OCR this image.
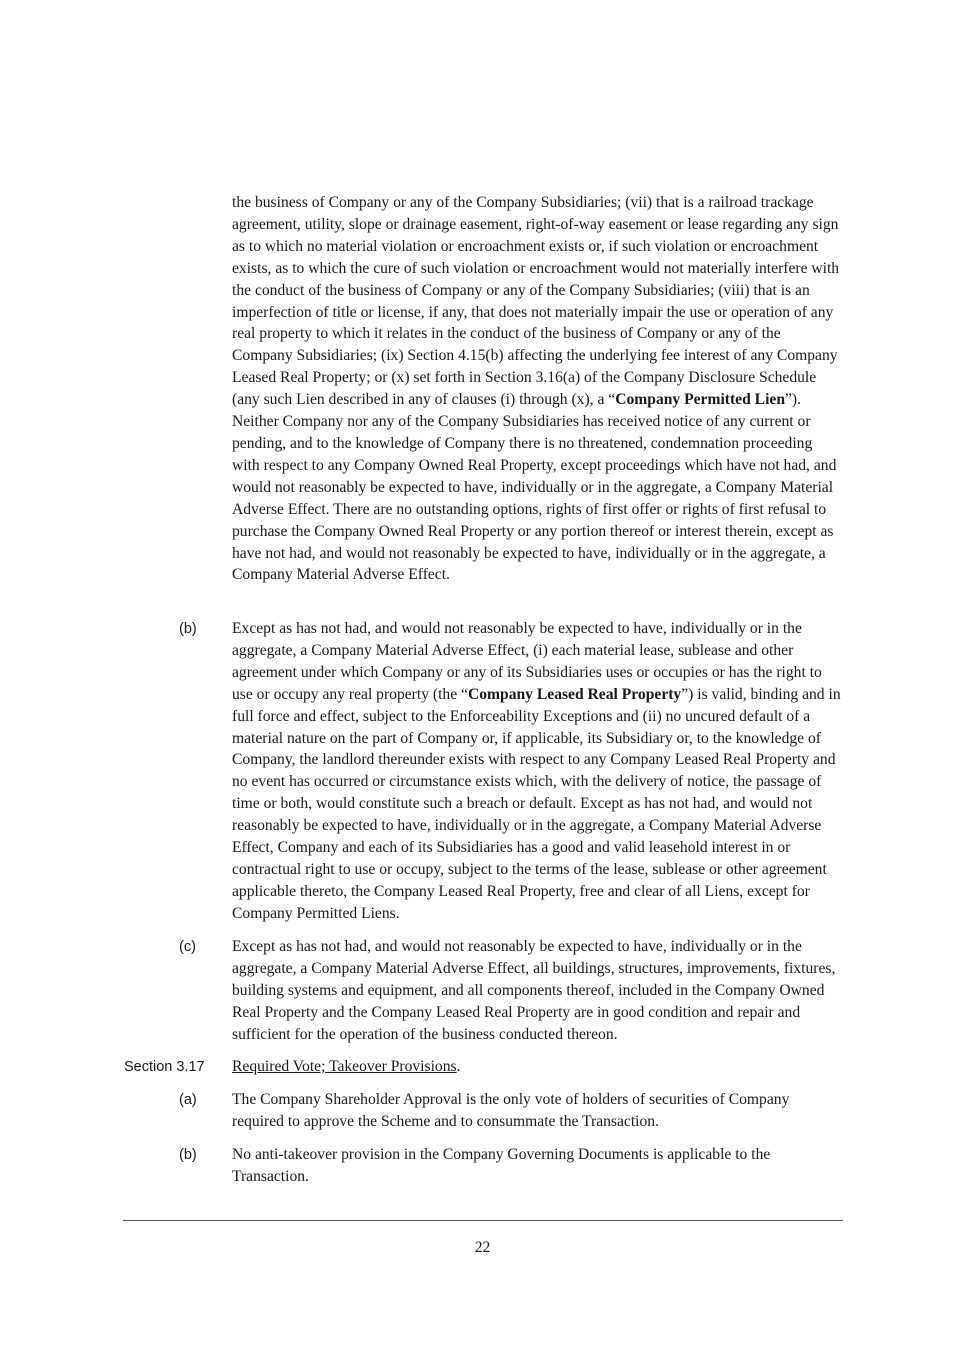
the business of Company or any of the Company Subsidiaries; (vii) that is a railroad trackage agreement, utility, slope or drainage easement, right-of-way easement or lease regarding any sign as to which no material violation or encroachment exists or, if such violation or encroachment exists, as to which the cure of such violation or encroachment would not materially interfere with the conduct of the business of Company or any of the Company Subsidiaries; (viii) that is an imperfection of title or license, if any, that does not materially impair the use or operation of any real property to which it relates in the conduct of the business of Company or any of the Company Subsidiaries; (ix) Section 4.15(b) affecting the underlying fee interest of any Company Leased Real Property; or (x) set forth in Section 3.16(a) of the Company Disclosure Schedule (any such Lien described in any of clauses (i) through (x), a “Company Permitted Lien”). Neither Company nor any of the Company Subsidiaries has received notice of any current or pending, and to the knowledge of Company there is no threatened, condemnation proceeding with respect to any Company Owned Real Property, except proceedings which have not had, and would not reasonably be expected to have, individually or in the aggregate, a Company Material Adverse Effect. There are no outstanding options, rights of first offer or rights of first refusal to purchase the Company Owned Real Property or any portion thereof or interest therein, except as have not had, and would not reasonably be expected to have, individually or in the aggregate, a Company Material Adverse Effect.
(b) Except as has not had, and would not reasonably be expected to have, individually or in the aggregate, a Company Material Adverse Effect, (i) each material lease, sublease and other agreement under which Company or any of its Subsidiaries uses or occupies or has the right to use or occupy any real property (the “Company Leased Real Property”) is valid, binding and in full force and effect, subject to the Enforceability Exceptions and (ii) no uncured default of a material nature on the part of Company or, if applicable, its Subsidiary or, to the knowledge of Company, the landlord thereunder exists with respect to any Company Leased Real Property and no event has occurred or circumstance exists which, with the delivery of notice, the passage of time or both, would constitute such a breach or default. Except as has not had, and would not reasonably be expected to have, individually or in the aggregate, a Company Material Adverse Effect, Company and each of its Subsidiaries has a good and valid leasehold interest in or contractual right to use or occupy, subject to the terms of the lease, sublease or other agreement applicable thereto, the Company Leased Real Property, free and clear of all Liens, except for Company Permitted Liens.
(c) Except as has not had, and would not reasonably be expected to have, individually or in the aggregate, a Company Material Adverse Effect, all buildings, structures, improvements, fixtures, building systems and equipment, and all components thereof, included in the Company Owned Real Property and the Company Leased Real Property are in good condition and repair and sufficient for the operation of the business conducted thereon.
Section 3.17 Required Vote; Takeover Provisions.
(a) The Company Shareholder Approval is the only vote of holders of securities of Company required to approve the Scheme and to consummate the Transaction.
(b) No anti-takeover provision in the Company Governing Documents is applicable to the Transaction.
22
